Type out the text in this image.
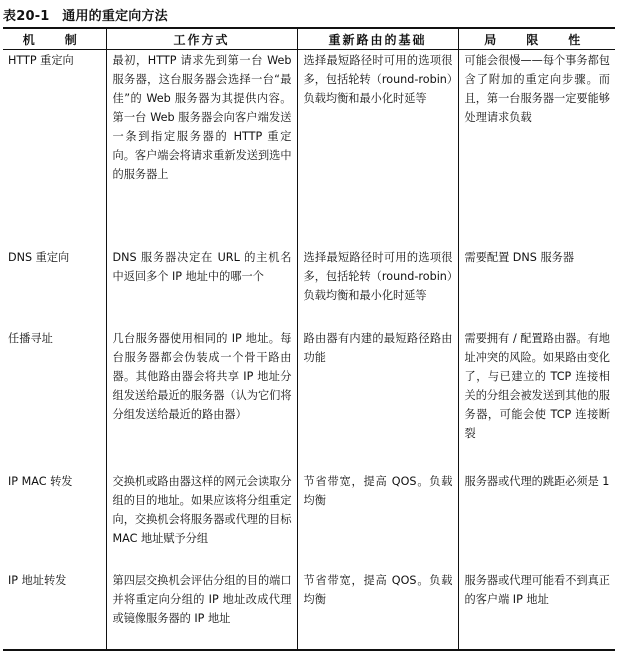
表20-1 通用的重定向方法
机　制	工作方式	重新路由的基础	局　限　性
HTTP 重定向	最初，HTTP 请求先到第一台 Web 服务器，这台服务器会选择一台“最佳”的 Web 服务器为其提供内容。第一台 Web 服务器会向客户端发送一条到指定服务器的 HTTP 重定向。客户端会将请求重新发送到选中的服务器上	选择最短路径时可用的选项很多，包括轮转（round-robin）负载均衡和最小化时延等	可能会很慢——每个事务都包含了附加的重定向步骤。而且，第一台服务器一定要能够处理请求负载
DNS 重定向	DNS 服务器决定在 URL 的主机名中返回多个 IP 地址中的哪一个	选择最短路径时可用的选项很多，包括轮转（round-robin）负载均衡和最小化时延等	需要配置 DNS 服务器
任播寻址	几台服务器使用相同的 IP 地址。每台服务器都会伪装成一个骨干路由器。其他路由器会将共享 IP 地址分组发送给最近的服务器（认为它们将分组发送给最近的路由器）	路由器有内建的最短路径路由功能	需要拥有 / 配置路由器。有地址冲突的风险。如果路由变化了，与已建立的 TCP 连接相关的分组会被发送到其他的服务器，可能会使 TCP 连接断裂
IP MAC 转发	交换机或路由器这样的网元会读取分组的目的地址。如果应该将分组重定向，交换机会将服务器或代理的目标 MAC 地址赋予分组	节省带宽，提高 QOS。负载均衡	服务器或代理的跳距必须是 1
IP 地址转发	第四层交换机会评估分组的目的端口并将重定向分组的 IP 地址改成代理或镜像服务器的 IP 地址	节省带宽，提高 QOS。负载均衡	服务器或代理可能看不到真正的客户端 IP 地址
